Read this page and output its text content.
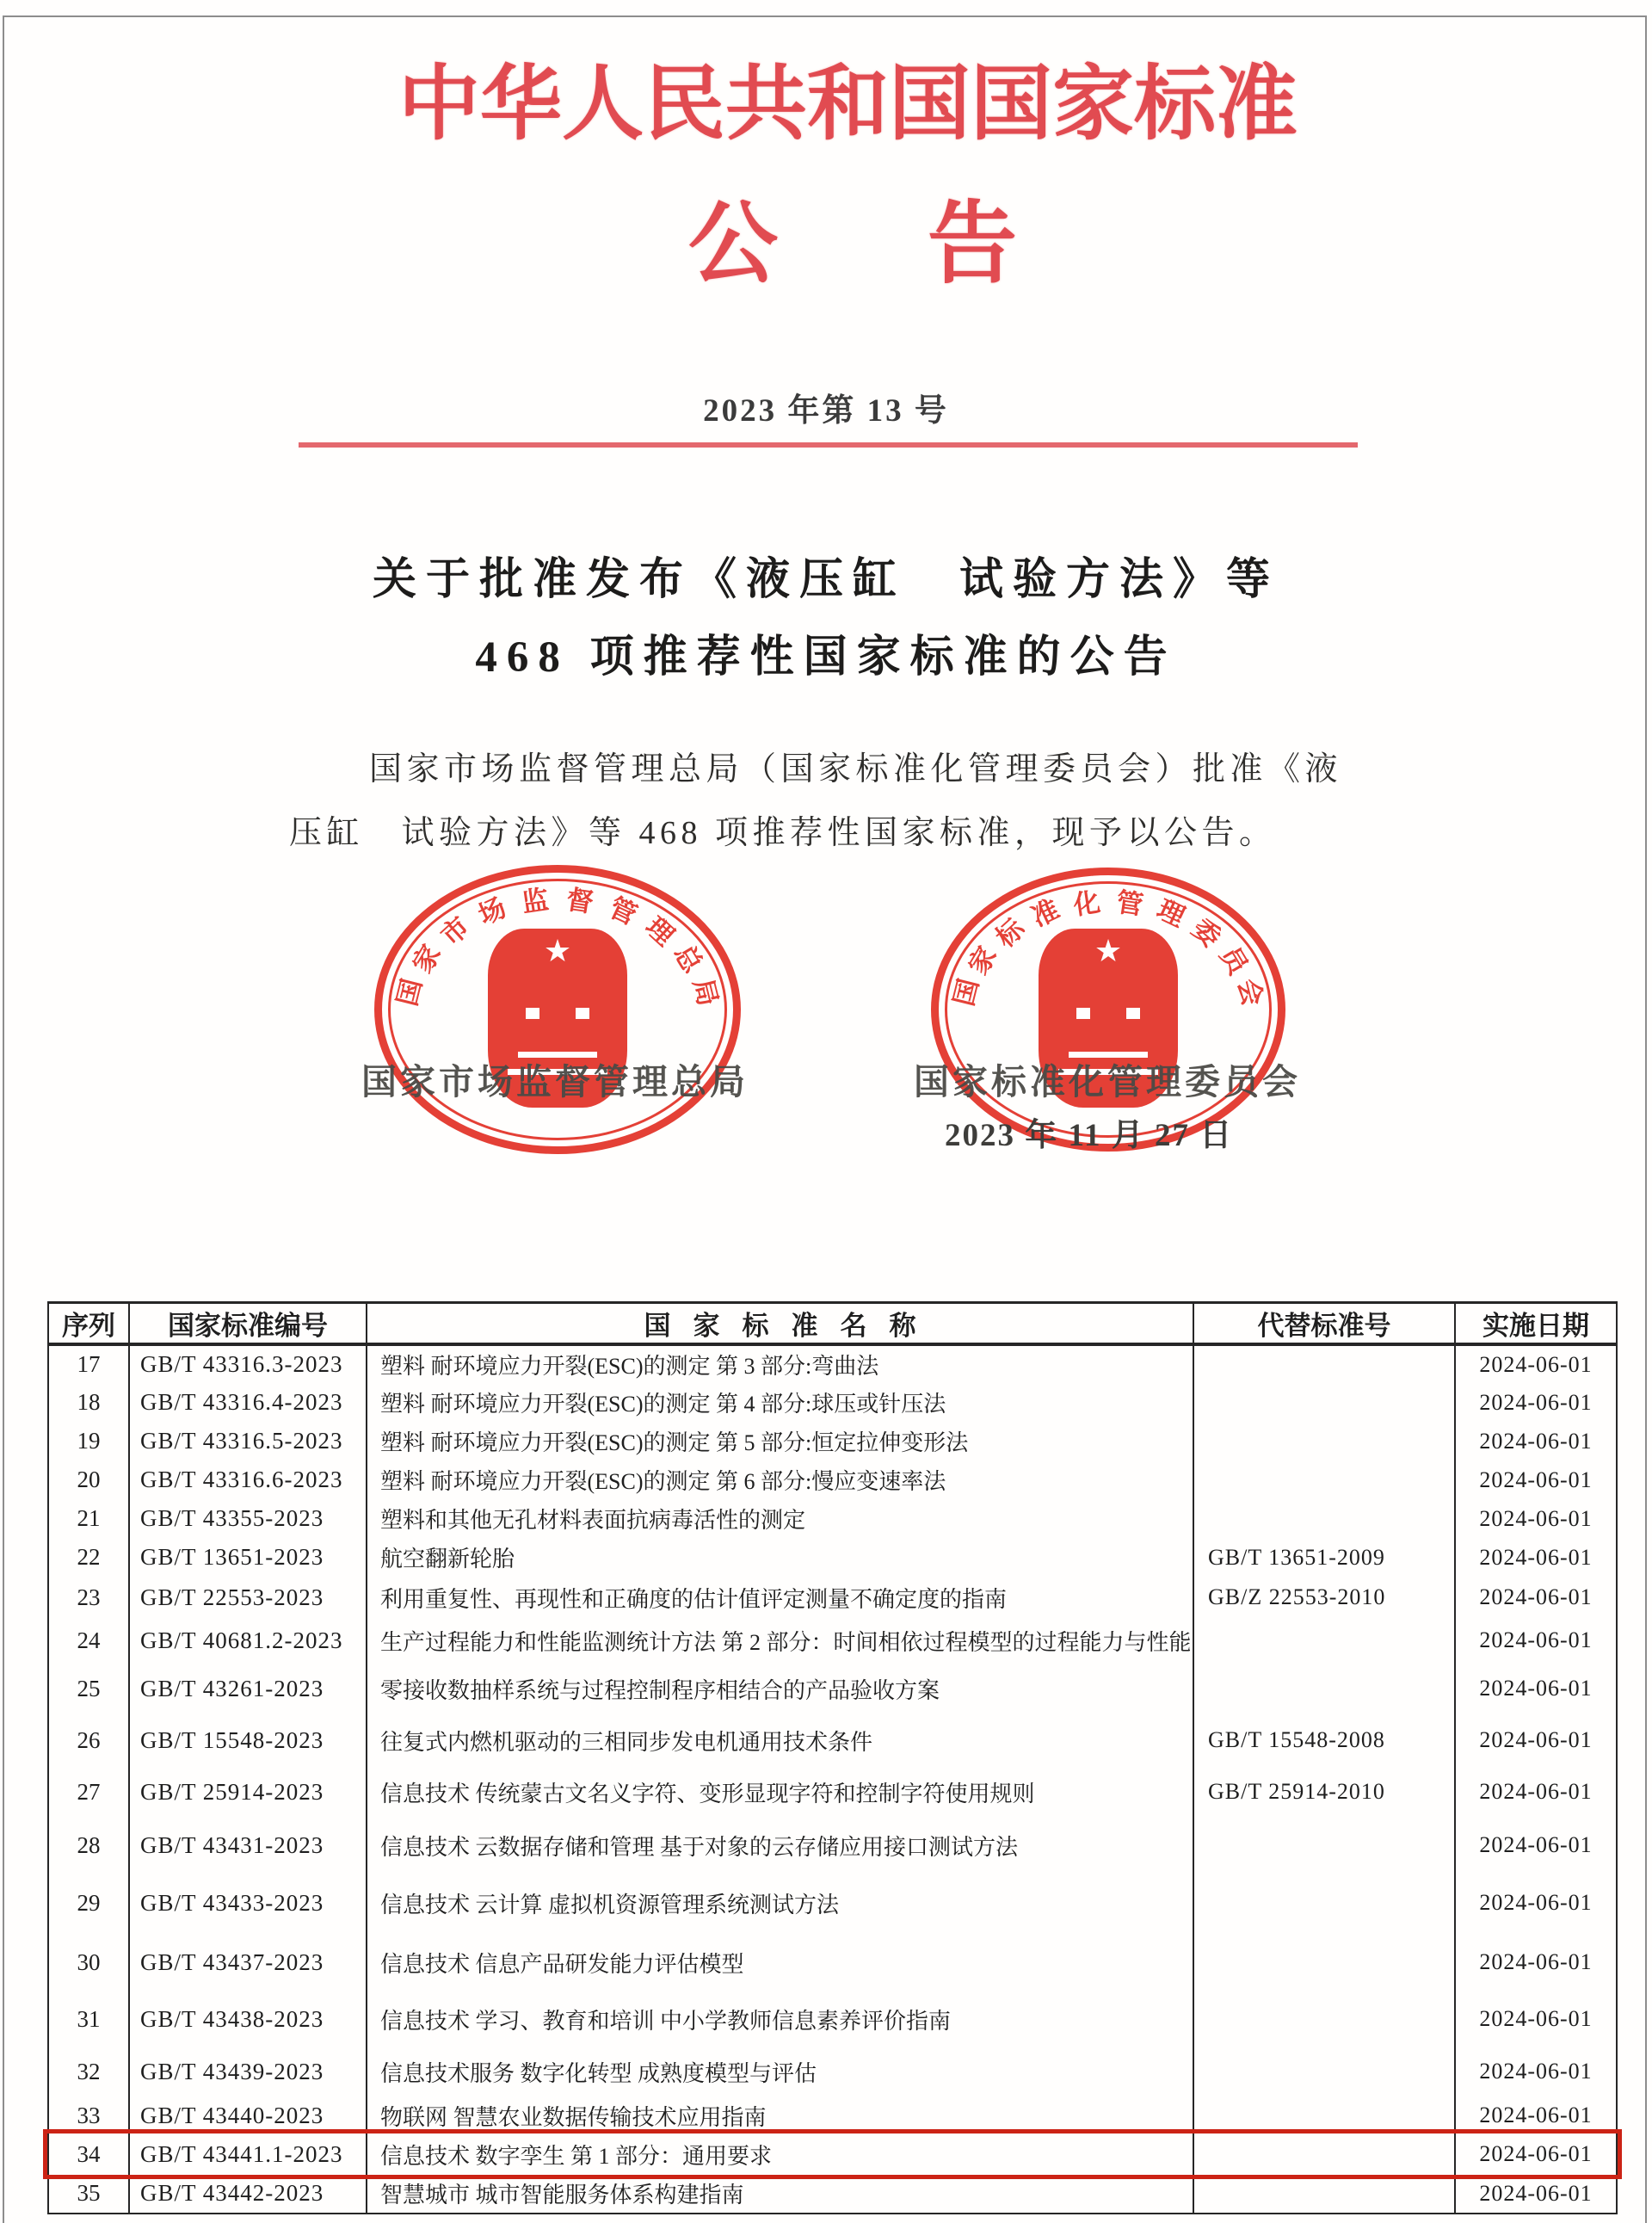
中华人民共和国国家标准
公　告
2023 年第 13 号
关于批准发布《液压缸　试验方法》等
468 项推荐性国家标准的公告
国家市场监督管理总局（国家标准化管理委员会）批准《液
压缸　试验方法》等 468 项推荐性国家标准，现予以公告。
★
国
家
市
场 监 督 管
理
总
局
★
国
家
标
准 化 管 理
委
员
会
国家市场监督管理总局	国家标准化管理委员会
2023 年 11 月 27 日
序列	国家标准编号	国家标准名称	代替标准号	实施日期
17	GB/T 43316.3-2023	塑料 耐环境应力开裂(ESC)的测定 第 3 部分:弯曲法		2024-06-01
18	GB/T 43316.4-2023	塑料 耐环境应力开裂(ESC)的测定 第 4 部分:球压或针压法		2024-06-01
19	GB/T 43316.5-2023	塑料 耐环境应力开裂(ESC)的测定 第 5 部分:恒定拉伸变形法		2024-06-01
20	GB/T 43316.6-2023	塑料 耐环境应力开裂(ESC)的测定 第 6 部分:慢应变速率法		2024-06-01
21	GB/T 43355-2023	塑料和其他无孔材料表面抗病毒活性的测定		2024-06-01
22	GB/T 13651-2023	航空翻新轮胎	GB/T 13651-2009	2024-06-01
23	GB/T 22553-2023	利用重复性、再现性和正确度的估计值评定测量不确定度的指南	GB/Z 22553-2010	2024-06-01
24	GB/T 40681.2-2023	生产过程能力和性能监测统计方法 第 2 部分：时间相依过程模型的过程能力与性能		2024-06-01
25	GB/T 43261-2023	零接收数抽样系统与过程控制程序相结合的产品验收方案		2024-06-01
26	GB/T 15548-2023	往复式内燃机驱动的三相同步发电机通用技术条件	GB/T 15548-2008	2024-06-01
27	GB/T 25914-2023	信息技术 传统蒙古文名义字符、变形显现字符和控制字符使用规则	GB/T 25914-2010	2024-06-01
28	GB/T 43431-2023	信息技术 云数据存储和管理 基于对象的云存储应用接口测试方法		2024-06-01
29	GB/T 43433-2023	信息技术 云计算 虚拟机资源管理系统测试方法		2024-06-01
30	GB/T 43437-2023	信息技术 信息产品研发能力评估模型		2024-06-01
31	GB/T 43438-2023	信息技术 学习、教育和培训 中小学教师信息素养评价指南		2024-06-01
32	GB/T 43439-2023	信息技术服务 数字化转型 成熟度模型与评估		2024-06-01
33	GB/T 43440-2023	物联网 智慧农业数据传输技术应用指南		2024-06-01
34	GB/T 43441.1-2023	信息技术 数字孪生 第 1 部分：通用要求		2024-06-01
35	GB/T 43442-2023	智慧城市 城市智能服务体系构建指南		2024-06-01
